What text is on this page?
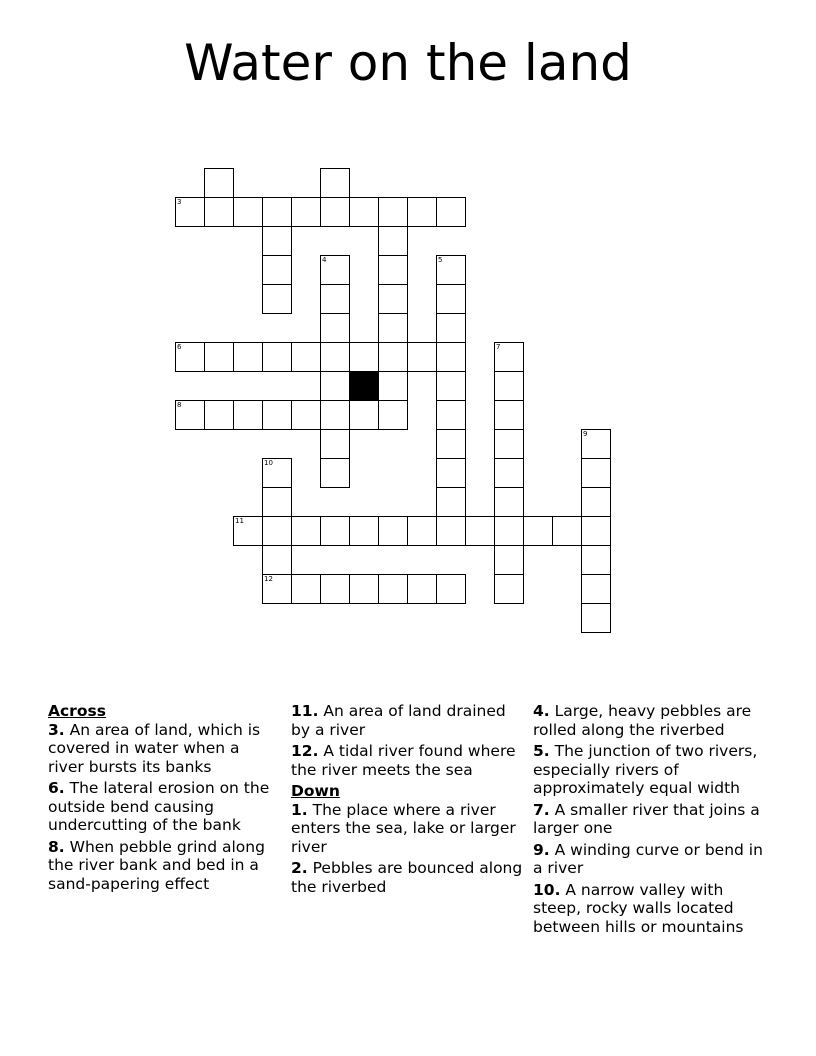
Water on the land
3
4	5
6	7
8
9
10
11
12

Across

3. An area of land, which is covered in water when a river bursts its banks

6. The lateral erosion on the outside bend causing undercutting of the bank

8. When pebble grind along the river bank and bed in a sand-papering effect

11. An area of land drained by a river

12. A tidal river found where the river meets the sea

Down

1. The place where a river enters the sea, lake or larger river

2. Pebbles are bounced along the riverbed

4. Large, heavy pebbles are rolled along the riverbed

5. The junction of two rivers, especially rivers of approximately equal width

7. A smaller river that joins a larger one

9. A winding curve or bend in a river

10. A narrow valley with steep, rocky walls located between hills or mountains
